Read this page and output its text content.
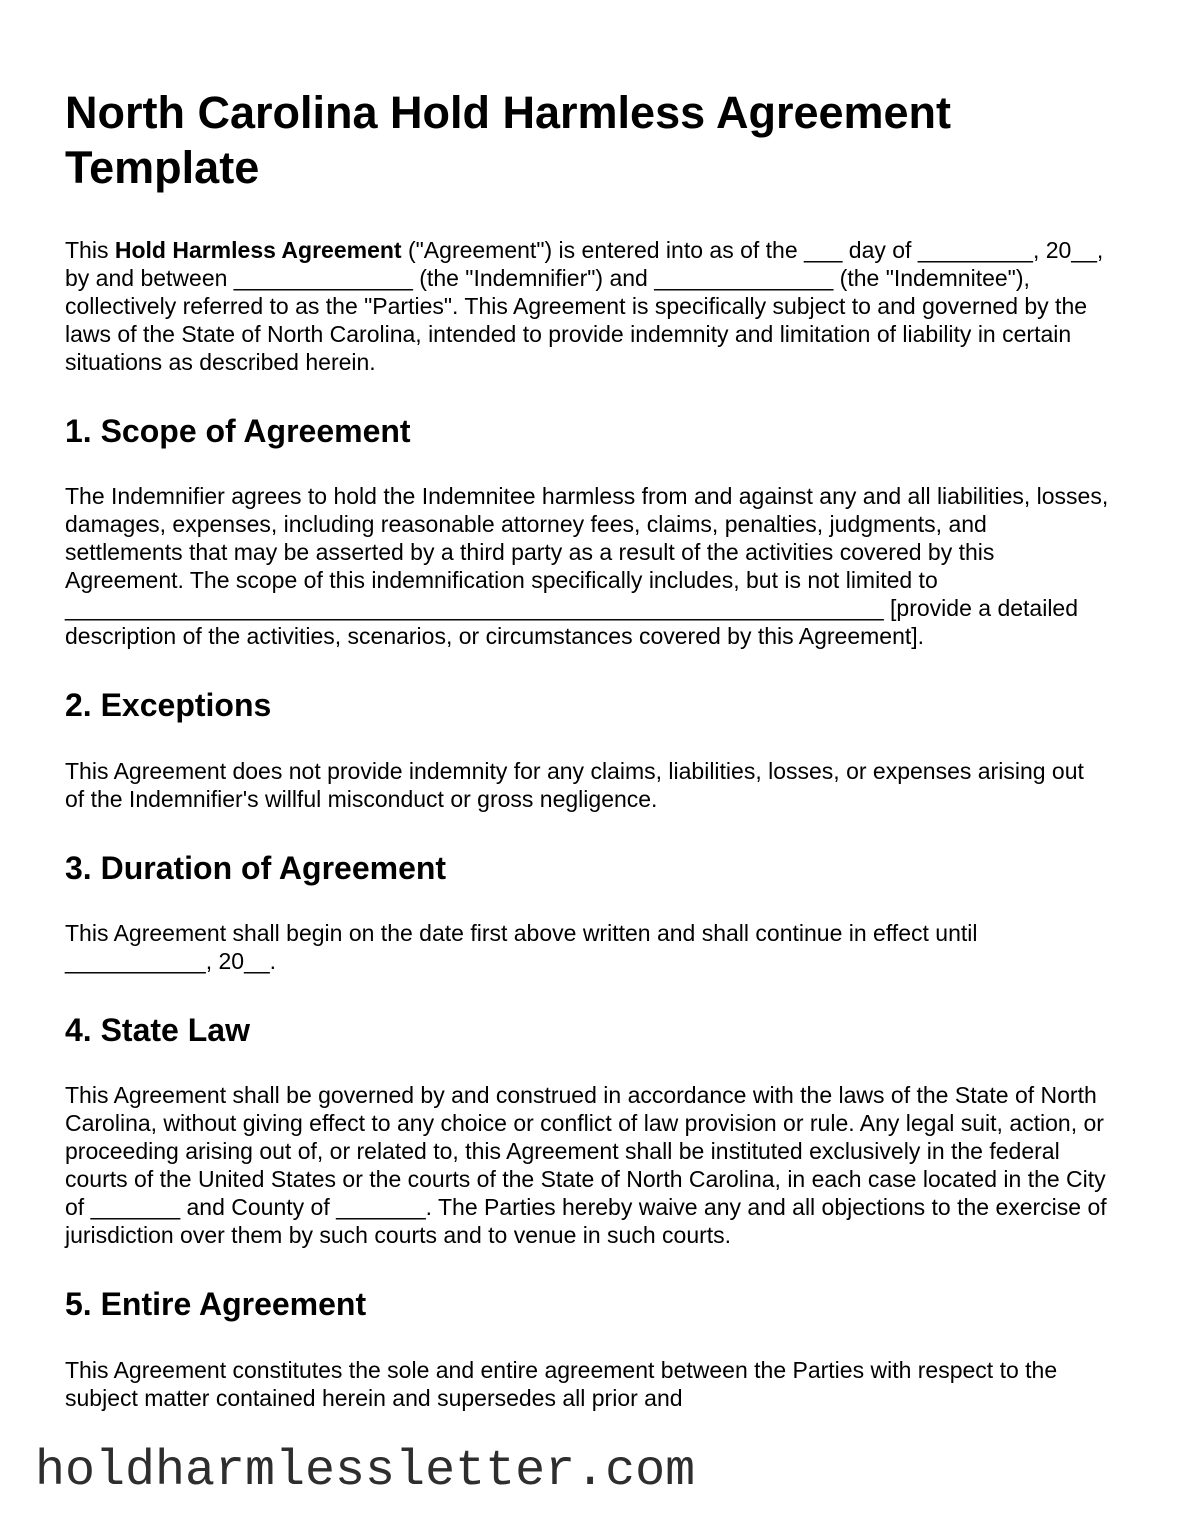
North Carolina Hold Harmless Agreement Template

This Hold Harmless Agreement ("Agreement") is entered into as of the ___ day of _________, 20__, by and between ______________ (the "Indemnifier") and ______________ (the "Indemnitee"), collectively referred to as the "Parties". This Agreement is specifically subject to and governed by the laws of the State of North Carolina, intended to provide indemnity and limitation of liability in certain situations as described herein.

1. Scope of Agreement

The Indemnifier agrees to hold the Indemnitee harmless from and against any and all liabilities, losses, damages, expenses, including reasonable attorney fees, claims, penalties, judgments, and settlements that may be asserted by a third party as a result of the activities covered by this Agreement. The scope of this indemnification specifically includes, but is not limited to ________________________________________________________________ [provide a detailed description of the activities, scenarios, or circumstances covered by this Agreement].

2. Exceptions

This Agreement does not provide indemnity for any claims, liabilities, losses, or expenses arising out of the Indemnifier's willful misconduct or gross negligence.

3. Duration of Agreement

This Agreement shall begin on the date first above written and shall continue in effect until ___________, 20__.

4. State Law

This Agreement shall be governed by and construed in accordance with the laws of the State of North Carolina, without giving effect to any choice or conflict of law provision or rule. Any legal suit, action, or proceeding arising out of, or related to, this Agreement shall be instituted exclusively in the federal courts of the United States or the courts of the State of North Carolina, in each case located in the City of _______ and County of _______. The Parties hereby waive any and all objections to the exercise of jurisdiction over them by such courts and to venue in such courts.

5. Entire Agreement

This Agreement constitutes the sole and entire agreement between the Parties with respect to the subject matter contained herein and supersedes all prior and

holdharmlessletter.com
